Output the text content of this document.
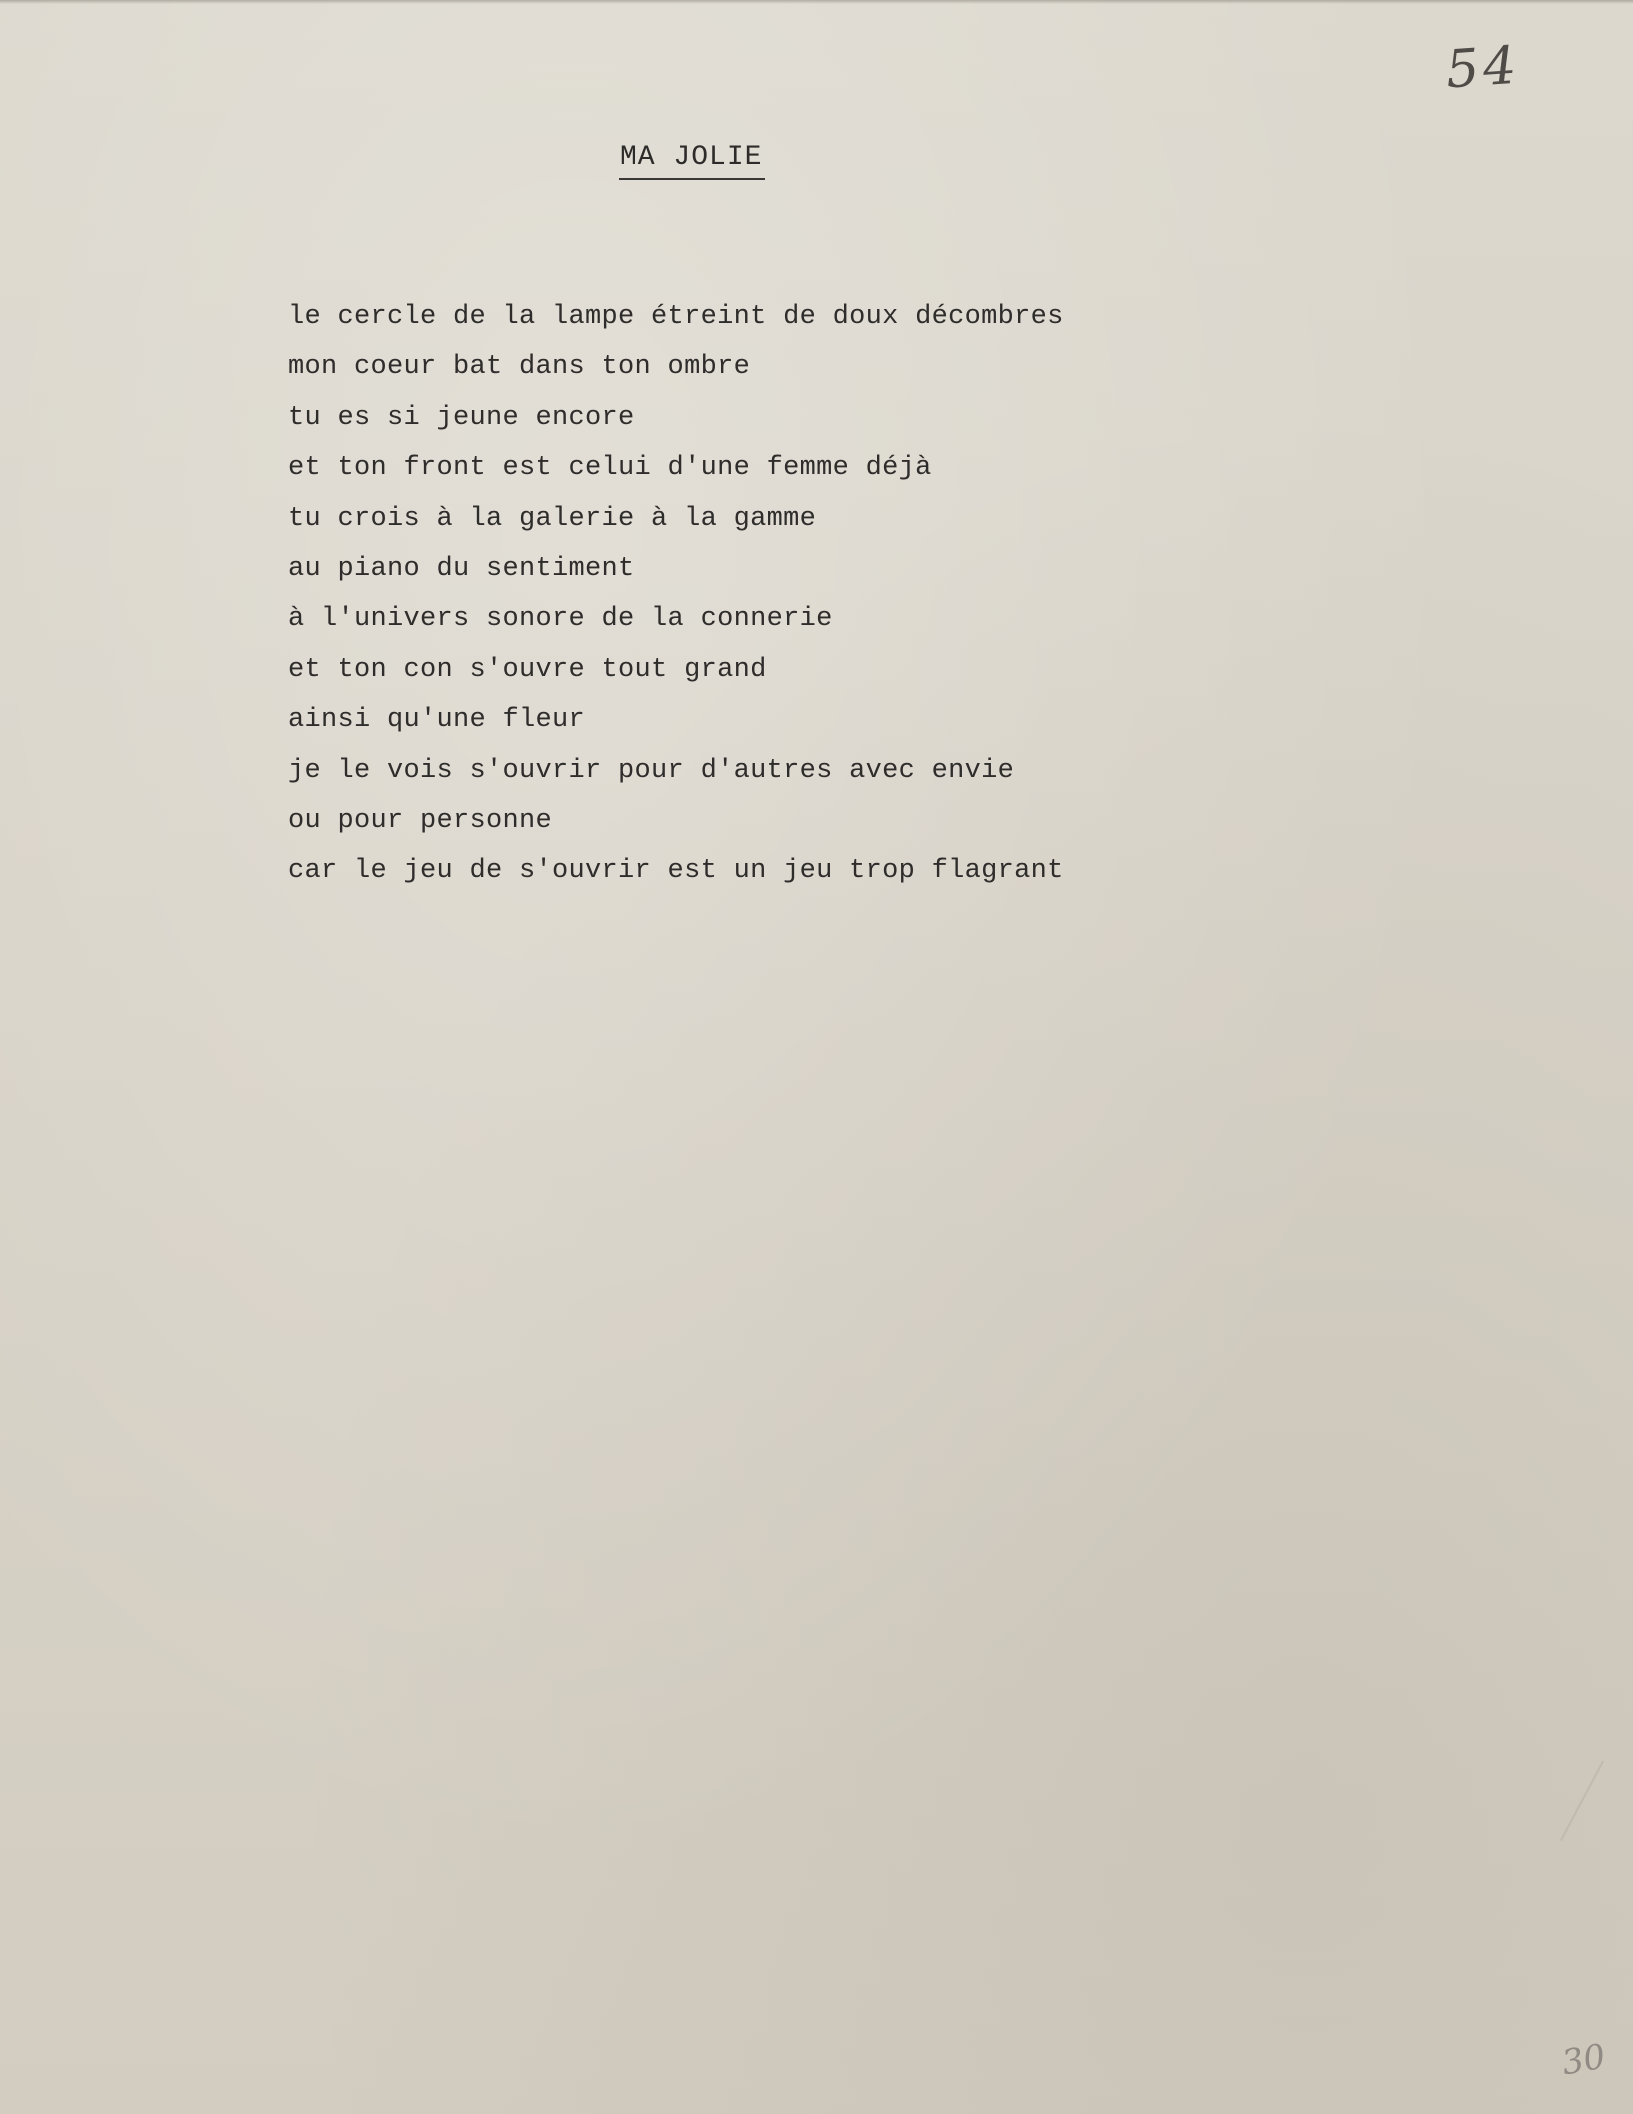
54
MA JOLIE
le cercle de la lampe étreint de doux décombres
mon coeur bat dans ton ombre
tu es si jeune encore
et ton front est celui d'une femme déjà
tu crois à la galerie à la gamme
au piano du sentiment
à l'univers sonore de la connerie
et ton con s'ouvre tout grand
ainsi qu'une fleur
je le vois s'ouvrir pour d'autres avec envie
ou pour personne
car le jeu de s'ouvrir est un jeu trop flagrant
30
